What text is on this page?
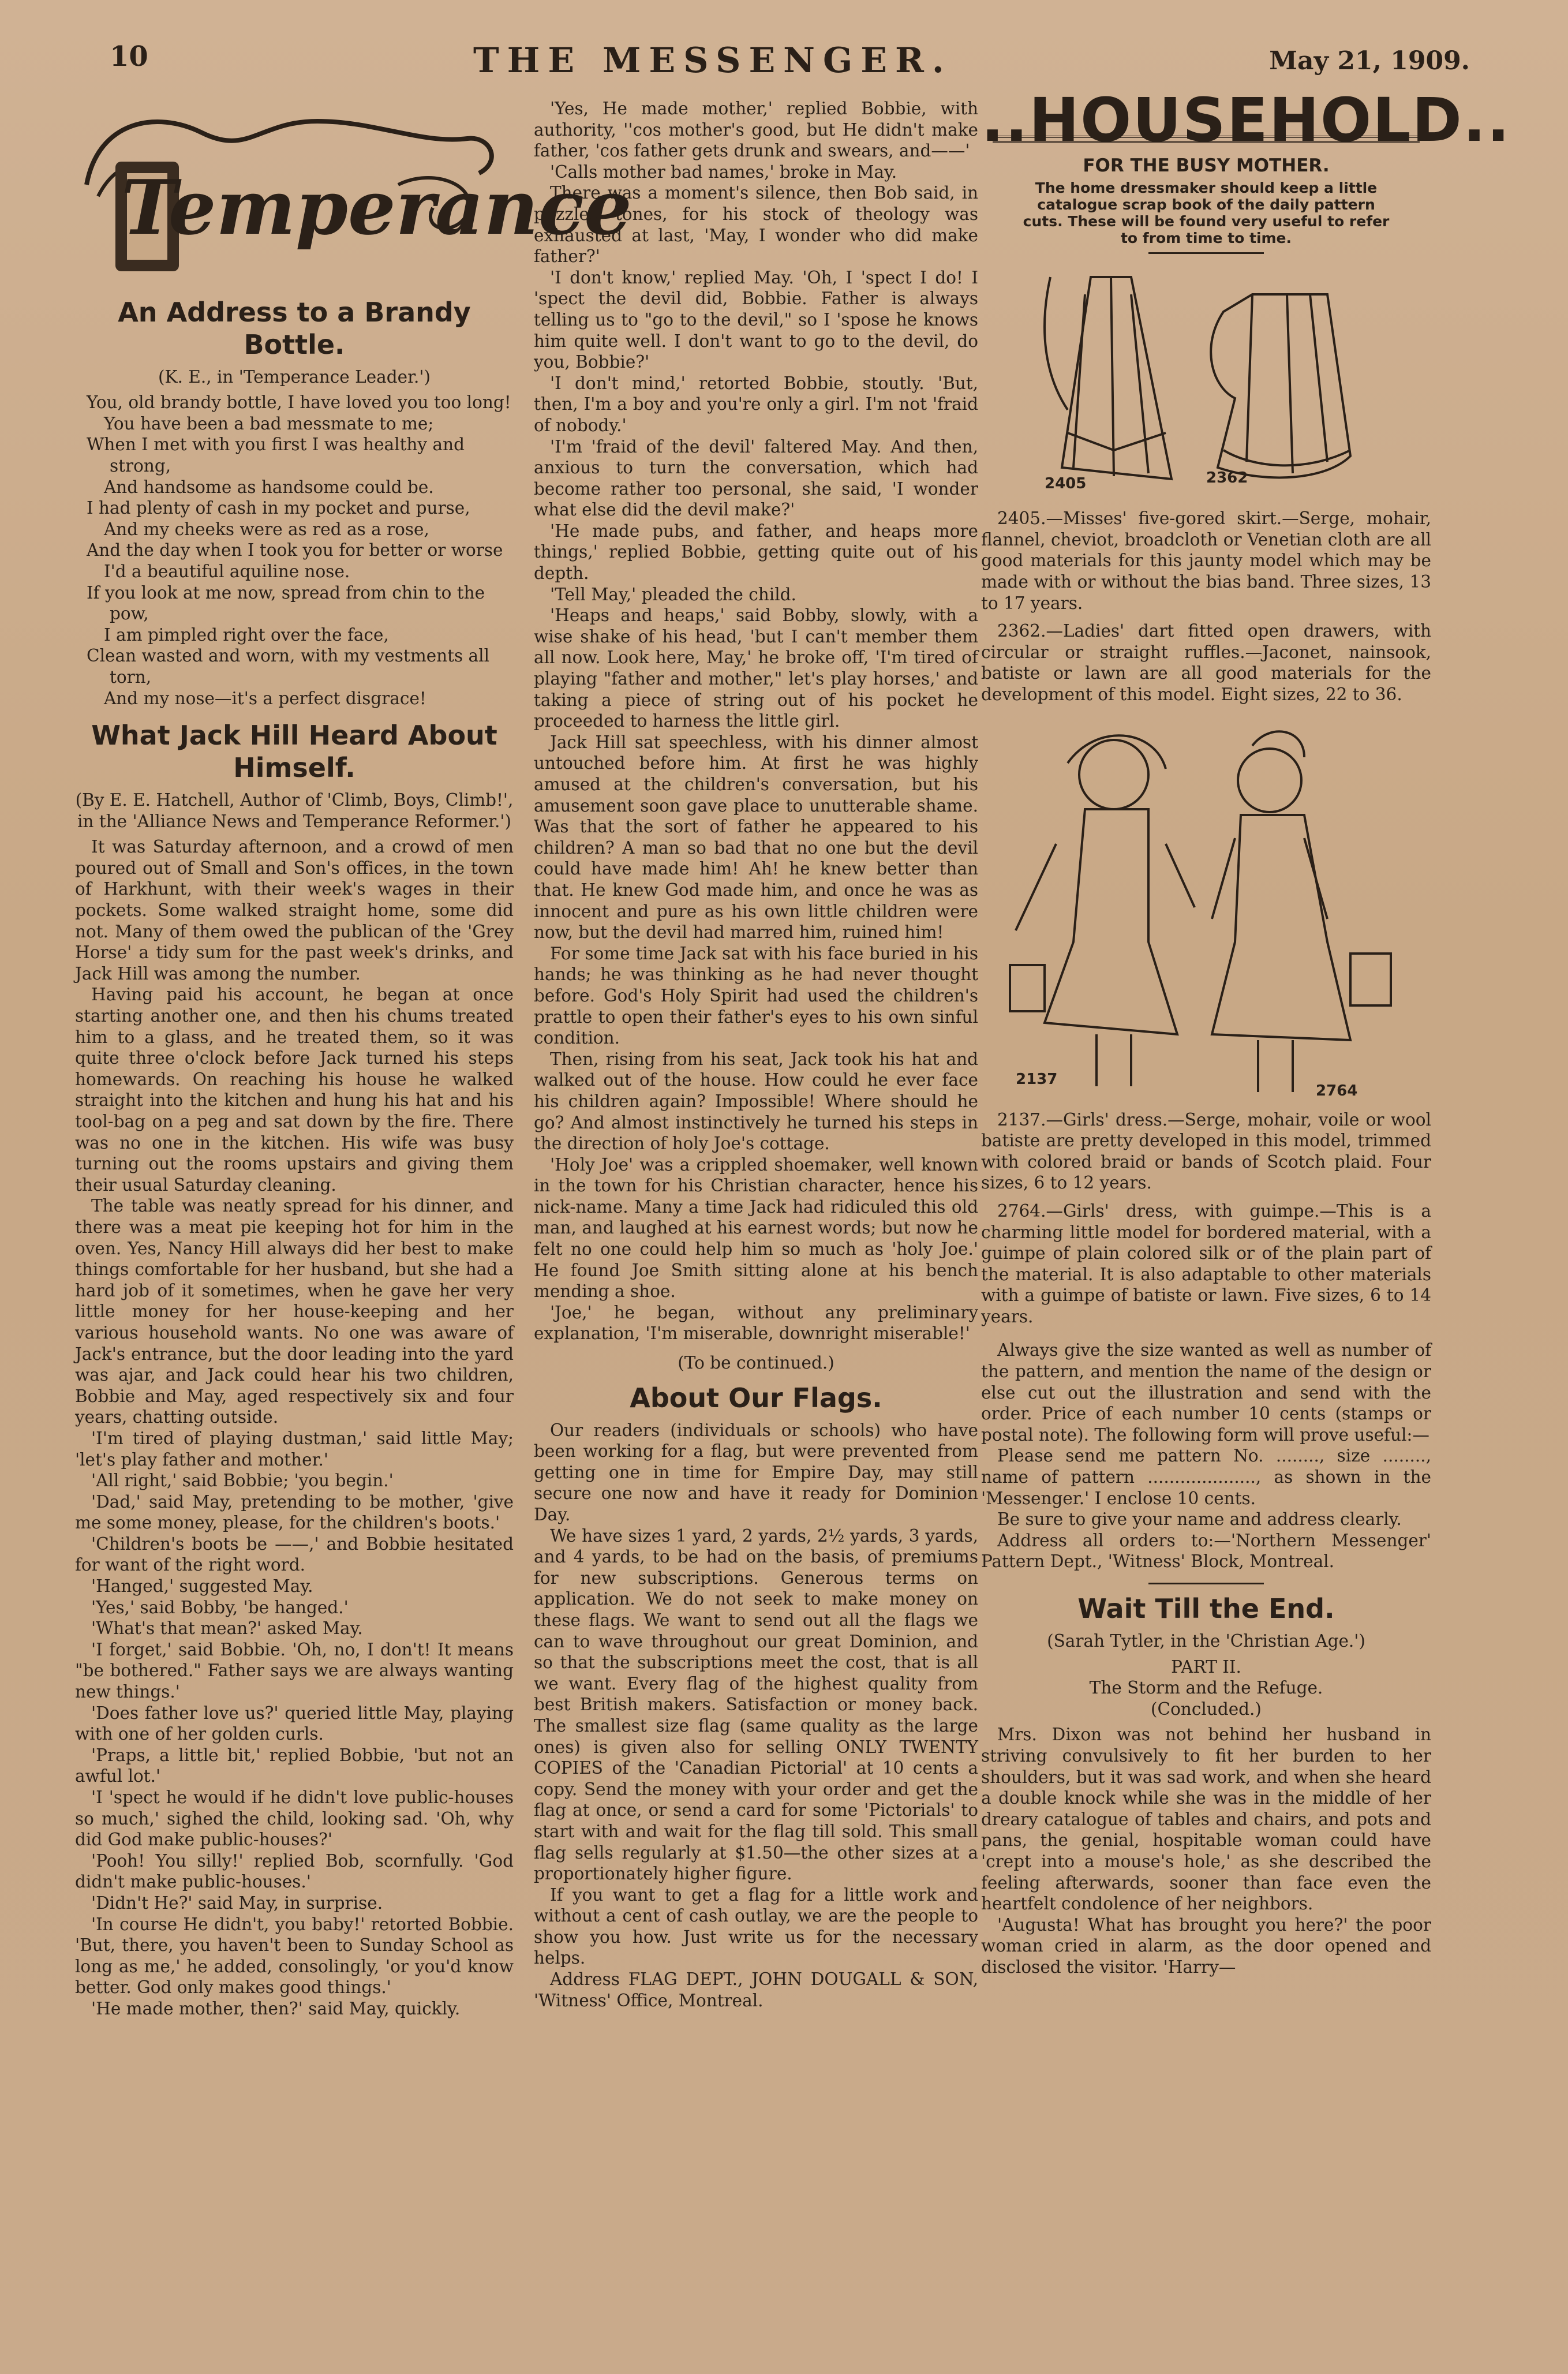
10	THE MESSENGER.	May 21, 1909.
Temperance
An Address to a Brandy Bottle.

(K. E., in 'Temperance Leader.')

You, old brandy bottle, I have loved you too long!
You have been a bad messmate to me;
When I met with you first I was healthy and strong,
And handsome as handsome could be.
I had plenty of cash in my pocket and purse,
And my cheeks were as red as a rose,
And the day when I took you for better or worse
I'd a beautiful aquiline nose.
If you look at me now, spread from chin to the pow,
I am pimpled right over the face,
Clean wasted and worn, with my vestments all torn,
And my nose—it's a perfect disgrace!
What Jack Hill Heard About Himself.

(By E. E. Hatchell, Author of 'Climb, Boys, Climb!', in the 'Alliance News and Temperance Reformer.')

It was Saturday afternoon, and a crowd of men poured out of Small and Son's offices, in the town of Harkhunt, with their week's wages in their pockets. Some walked straight home, some did not. Many of them owed the publican of the 'Grey Horse' a tidy sum for the past week's drinks, and Jack Hill was among the number.

Having paid his account, he began at once starting another one, and then his chums treated him to a glass, and he treated them, so it was quite three o'clock before Jack turned his steps homewards. On reaching his house he walked straight into the kitchen and hung his hat and his tool-bag on a peg and sat down by the fire. There was no one in the kitchen. His wife was busy turning out the rooms upstairs and giving them their usual Saturday cleaning.

The table was neatly spread for his dinner, and there was a meat pie keeping hot for him in the oven. Yes, Nancy Hill always did her best to make things comfortable for her husband, but she had a hard job of it sometimes, when he gave her very little money for her house-keeping and her various household wants. No one was aware of Jack's entrance, but the door leading into the yard was ajar, and Jack could hear his two children, Bobbie and May, aged respectively six and four years, chatting outside.

'I'm tired of playing dustman,' said little May; 'let's play father and mother.'

'All right,' said Bobbie; 'you begin.'

'Dad,' said May, pretending to be mother, 'give me some money, please, for the children's boots.'

'Children's boots be ——,' and Bobbie hesitated for want of the right word.

'Hanged,' suggested May.

'Yes,' said Bobby, 'be hanged.'

'What's that mean?' asked May.

'I forget,' said Bobbie. 'Oh, no, I don't! It means "be bothered." Father says we are always wanting new things.'

'Does father love us?' queried little May, playing with one of her golden curls.

'Praps, a little bit,' replied Bobbie, 'but not an awful lot.'

'I 'spect he would if he didn't love public-houses so much,' sighed the child, looking sad. 'Oh, why did God make public-houses?'

'Pooh! You silly!' replied Bob, scornfully. 'God didn't make public-houses.'

'Didn't He?' said May, in surprise.

'In course He didn't, you baby!' retorted Bobbie. 'But, there, you haven't been to Sunday School as long as me,' he added, consolingly, 'or you'd know better. God only makes good things.'

'He made mother, then?' said May, quickly.

'Yes, He made mother,' replied Bobbie, with authority, ''cos mother's good, but He didn't make father, 'cos father gets drunk and swears, and——'

'Calls mother bad names,' broke in May.

There was a moment's silence, then Bob said, in puzzled tones, for his stock of theology was exhausted at last, 'May, I wonder who did make father?'

'I don't know,' replied May. 'Oh, I 'spect I do! I 'spect the devil did, Bobbie. Father is always telling us to "go to the devil," so I 'spose he knows him quite well. I don't want to go to the devil, do you, Bobbie?'

'I don't mind,' retorted Bobbie, stoutly. 'But, then, I'm a boy and you're only a girl. I'm not 'fraid of nobody.'

'I'm 'fraid of the devil' faltered May. And then, anxious to turn the conversation, which had become rather too personal, she said, 'I wonder what else did the devil make?'

'He made pubs, and father, and heaps more things,' replied Bobbie, getting quite out of his depth.

'Tell May,' pleaded the child.

'Heaps and heaps,' said Bobby, slowly, with a wise shake of his head, 'but I can't member them all now. Look here, May,' he broke off, 'I'm tired of playing "father and mother," let's play horses,' and taking a piece of string out of his pocket he proceeded to harness the little girl.

Jack Hill sat speechless, with his dinner almost untouched before him. At first he was highly amused at the children's conversation, but his amusement soon gave place to unutterable shame. Was that the sort of father he appeared to his children? A man so bad that no one but the devil could have made him! Ah! he knew better than that. He knew God made him, and once he was as innocent and pure as his own little children were now, but the devil had marred him, ruined him!

For some time Jack sat with his face buried in his hands; he was thinking as he had never thought before. God's Holy Spirit had used the children's prattle to open their father's eyes to his own sinful condition.

Then, rising from his seat, Jack took his hat and walked out of the house. How could he ever face his children again? Impossible! Where should he go? And almost instinctively he turned his steps in the direction of holy Joe's cottage.

'Holy Joe' was a crippled shoemaker, well known in the town for his Christian character, hence his nick-name. Many a time Jack had ridiculed this old man, and laughed at his earnest words; but now he felt no one could help him so much as 'holy Joe.' He found Joe Smith sitting alone at his bench mending a shoe.

'Joe,' he began, without any preliminary explanation, 'I'm miserable, downright miserable!'

(To be continued.)

About Our Flags.

Our readers (individuals or schools) who have been working for a flag, but were prevented from getting one in time for Empire Day, may still secure one now and have it ready for Dominion Day.

We have sizes 1 yard, 2 yards, 2½ yards, 3 yards, and 4 yards, to be had on the basis, of premiums for new subscriptions. Generous terms on application. We do not seek to make money on these flags. We want to send out all the flags we can to wave throughout our great Dominion, and so that the subscriptions meet the cost, that is all we want. Every flag of the highest quality from best British makers. Satisfaction or money back. The smallest size flag (same quality as the large ones) is given also for selling ONLY TWENTY COPIES of the 'Canadian Pictorial' at 10 cents a copy. Send the money with your order and get the flag at once, or send a card for some 'Pictorials' to start with and wait for the flag till sold. This small flag sells regularly at $1.50—the other sizes at a proportionately higher figure.

If you want to get a flag for a little work and without a cent of cash outlay, we are the people to show you how. Just write us for the necessary helps.

Address FLAG DEPT., JOHN DOUGALL & SON, 'Witness' Office, Montreal.

..HOUSEHOLD..
FOR THE BUSY MOTHER.
The home dressmaker should keep a little catalogue scrap book of the daily pattern cuts. These will be found very useful to refer to from time to time.
2405	2362

2405.—Misses' five-gored skirt.—Serge, mohair, flannel, cheviot, broadcloth or Venetian cloth are all good materials for this jaunty model which may be made with or without the bias band. Three sizes, 13 to 17 years.

2362.—Ladies' dart fitted open drawers, with circular or straight ruffles.—Jaconet, nainsook, batiste or lawn are all good materials for the development of this model. Eight sizes, 22 to 36.

2137
2764

2137.—Girls' dress.—Serge, mohair, voile or wool batiste are pretty developed in this model, trimmed with colored braid or bands of Scotch plaid. Four sizes, 6 to 12 years.

2764.—Girls' dress, with guimpe.—This is a charming little model for bordered material, with a guimpe of plain colored silk or of the plain part of the material. It is also adaptable to other materials with a guimpe of batiste or lawn. Five sizes, 6 to 14 years.

Always give the size wanted as well as number of the pattern, and mention the name of the design or else cut out the illustration and send with the order. Price of each number 10 cents (stamps or postal note). The following form will prove useful:—

Please send me pattern No. ........, size ........, name of pattern ...................., as shown in the 'Messenger.' I enclose 10 cents.

Be sure to give your name and address clearly.

Address all orders to:—'Northern Messenger' Pattern Dept., 'Witness' Block, Montreal.

Wait Till the End.

(Sarah Tytler, in the 'Christian Age.')

PART II.

The Storm and the Refuge.

(Concluded.)

Mrs. Dixon was not behind her husband in striving convulsively to fit her burden to her shoulders, but it was sad work, and when she heard a double knock while she was in the middle of her dreary catalogue of tables and chairs, and pots and pans, the genial, hospitable woman could have 'crept into a mouse's hole,' as she described the feeling afterwards, sooner than face even the heartfelt condolence of her neighbors.

'Augusta! What has brought you here?' the poor woman cried in alarm, as the door opened and disclosed the visitor. 'Harry—
